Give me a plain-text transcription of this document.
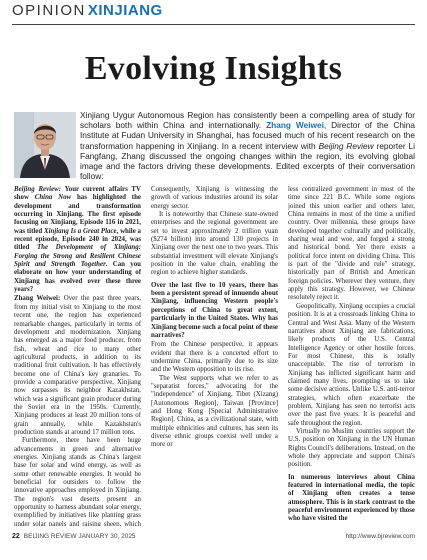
OPINION XINJIANG
Evolving Insights
Xinjiang Uygur Autonomous Region has consistently been a compelling area of study for scholars both within China and internationally. Zhang Weiwei, Director of the China Institute at Fudan University in Shanghai, has focused much of his recent research on the transformation happening in Xinjiang. In a recent interview with Beijing Review reporter Li Fangfang, Zhang discussed the ongoing changes within the region, its evolving global image and the factors driving these developments. Edited excerpts of their conversation follow:

Beijing Review: Your current affairs TV show China Now has highlighted the development and transformation occurring in Xinjiang. The first episode focusing on Xinjiang, Episode 116 in 2021, was titled Xinjiang Is a Great Place, while a recent episode, Episode 240 in 2024, was titled The Development of Xinjiang: Forging the Strong and Resilient Chinese Spirit and Strength Together. Can you elaborate on how your understanding of Xinjiang has evolved over these three years?

Zhang Weiwei: Over the past three years, from my initial visit to Xinjiang to the most recent one, the region has experienced remarkable changes, particularly in terms of development and modernization. Xinjiang has emerged as a major food producer, from fish, wheat and rice to many other agricultural products, in addition to its traditional fruit cultivation. It has effectively become one of China's key granaries. To provide a comparative perspective, Xinjiang now surpasses its neighbor Kazakhstan, which was a significant grain producer during the Soviet era in the 1950s. Currently, Xinjiang produces at least 20 million tons of grain annually, while Kazakhstan's production stands at around 17 million tons.

Furthermore, there have been huge advancements in green and alternative energies. Xinjiang stands as China's largest base for solar and wind energy, as well as some other renewable energies. It would be beneficial for outsiders to follow the innovative approaches employed in Xinjiang. The region's vast deserts present an opportunity to harness abundant solar energy, exemplified by initiatives like planting grass under solar panels and raising sheep, which

Consequently, Xinjiang is witnessing the growth of various industries around its solar energy sector.

It is noteworthy that Chinese state-owned enterprises and the regional government are set to invest approximately 2 trillion yuan ($274 billion) into around 130 projects in Xinjiang over the next one to two years. This substantial investment will elevate Xinjiang's position in the value chain, enabling the region to achieve higher standards.

Over the last five to 10 years, there has been a persistent spread of innuendo about Xinjiang, influencing Western people's perceptions of China to great extent, particularly in the United States. Why has Xinjiang become such a focal point of these narratives?

From the Chinese perspective, it appears evident that there is a concerted effort to undermine China, primarily due to its size and the Western opposition to its rise.

The West supports what we refer to as "separatist forces," advocating for the "independence" of Xinjiang, Tibet (Xizang) [Autonomous Region], Taiwan [Province] and Hong Kong [Special Administrative Region]. China, as a civilizational state, with multiple ethnicities and cultures, has seen its diverse ethnic groups coexist well under a more or

less centralized government in most of the time since 221 B.C. While some regions joined this union earlier and others later, China remains in most of the time a unified country. Over millennia, these groups have developed together culturally and politically, sharing weal and woe, and forged a strong and historical bond. Yet there exists a political force intent on dividing China. This is part of the "divide and rule" strategy, historically part of British and American foreign policies. Wherever they venture, they apply this strategy. However, we Chinese resolutely reject it.

Geopolitically, Xinjiang occupies a crucial position. It is at a crossroads linking China to Central and West Asia. Many of the Western narratives about Xinjiang are fabrications, likely products of the U.S. Central Intelligence Agency or other hostile forces. For most Chinese, this is totally unacceptable. The rise of terrorism in Xinjiang has inflicted significant harm and claimed many lives, prompting us to take some decisive actions. Unlike U.S. anti-terror strategies, which often exacerbate the problem, Xinjiang has seen no terrorist acts over the past five years. It is peaceful and safe throughout the region.

Virtually no Muslim countries support the U.S. position on Xinjiang in the UN Human Rights Council's deliberations. Instead, on the whole they appreciate and support China's position.

In numerous interviews about China featured in international media, the topic of Xinjiang often creates a tense atmosphere. This is in stark contrast to the peaceful environment experienced by those who have visited the

22 BEIJING REVIEW JANUARY 30, 2025	http://www.bjreview.com
